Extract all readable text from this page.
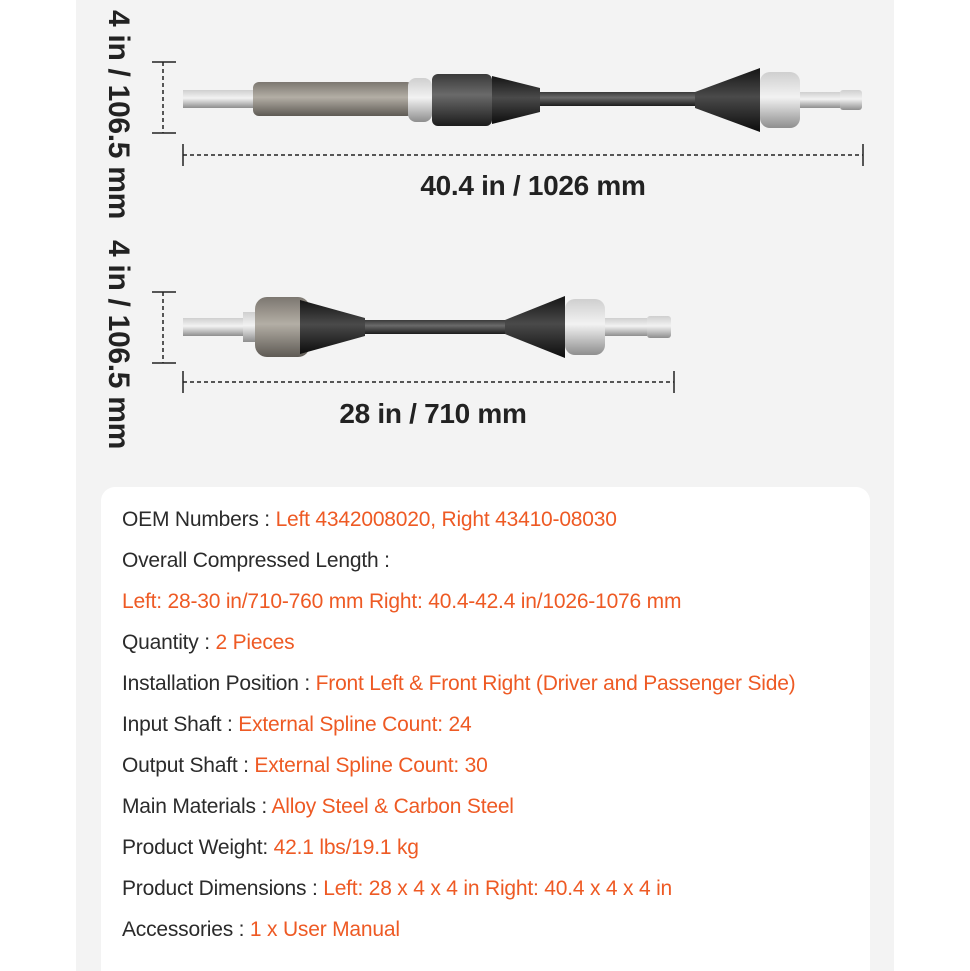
4 in / 106.5 mm	40.4 in / 1026 mm
4 in / 106.5 mm	28 in / 710 mm
OEM Numbers : Left 4342008020, Right 43410-08030
Overall Compressed Length :
Left: 28-30 in/710-760 mm Right: 40.4-42.4 in/1026-1076 mm
Quantity : 2 Pieces
Installation Position : Front Left & Front Right (Driver and Passenger Side)
Input Shaft : External Spline Count: 24
Output Shaft : External Spline Count: 30
Main Materials : Alloy Steel & Carbon Steel
Product Weight: 42.1 lbs/19.1 kg
Product Dimensions : Left: 28 x 4 x 4 in Right: 40.4 x 4 x 4 in
Accessories : 1 x User Manual
